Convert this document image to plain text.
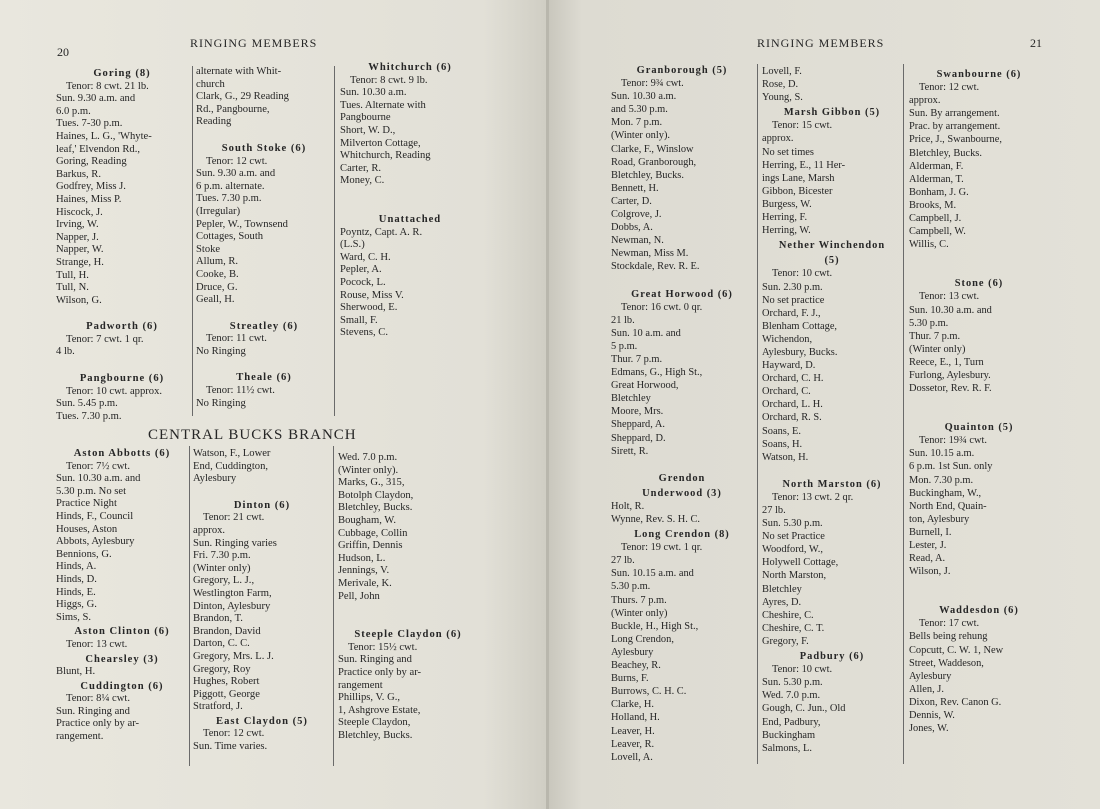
20
RINGING MEMBERS
Goring (8)
Tenor: 8 cwt. 21 lb.
Sun. 9.30 a.m. and
6.0 p.m.
Tues. 7-30 p.m.
Haines, L. G., 'Whyte-
leaf,' Elvendon Rd.,
Goring, Reading
Barkus, R.
Godfrey, Miss J.
Haines, Miss P.
Hiscock, J.
Irving, W.
Napper, J.
Napper, W.
Strange, H.
Tull, H.
Tull, N.
Wilson, G.
Padworth (6)
Tenor: 7 cwt. 1 qr.
4 lb.
Pangbourne (6)
Tenor: 10 cwt. approx.
Sun. 5.45 p.m.
Tues. 7.30 p.m.
alternate with Whit-
church
Clark, G., 29 Reading
Rd., Pangbourne,
Reading
South Stoke (6)
Tenor: 12 cwt.
Sun. 9.30 a.m. and
6 p.m. alternate.
Tues. 7.30 p.m.
(Irregular)
Pepler, W., Townsend
Cottages, South
Stoke
Allum, R.
Cooke, B.
Druce, G.
Geall, H.
Streatley (6)
Tenor: 11 cwt.
No Ringing
Theale (6)
Tenor: 11½ cwt.
No Ringing
Whitchurch (6)
Tenor: 8 cwt. 9 lb.
Sun. 10.30 a.m.
Tues. Alternate with
Pangbourne
Short, W. D.,
Milverton Cottage,
Whitchurch, Reading
Carter, R.
Money, C.
Unattached
Poyntz, Capt. A. R.
(L.S.)
Ward, C. H.
Pepler, A.
Pocock, L.
Rouse, Miss V.
Sherwood, E.
Small, F.
Stevens, C.
CENTRAL BUCKS BRANCH
Aston Abbotts (6)
Tenor: 7½ cwt.
Sun. 10.30 a.m. and
5.30 p.m. No set
Practice Night
Hinds, F., Council
Houses, Aston
Abbots, Aylesbury
Bennions, G.
Hinds, A.
Hinds, D.
Hinds, E.
Higgs, G.
Sims, S.
Aston Clinton (6)
Tenor: 13 cwt.
Chearsley (3)
Blunt, H.
Cuddington (6)
Tenor: 8¼ cwt.
Sun. Ringing and
Practice only by ar-
rangement.
Watson, F., Lower
End, Cuddington,
Aylesbury
Dinton (6)
Tenor: 21 cwt.
approx.
Sun. Ringing varies
Fri. 7.30 p.m.
(Winter only)
Gregory, L. J.,
Westlington Farm,
Dinton, Aylesbury
Brandon, T.
Brandon, David
Darton, C. C.
Gregory, Mrs. L. J.
Gregory, Roy
Hughes, Robert
Piggott, George
Stratford, J.
East Claydon (5)
Tenor: 12 cwt.
Sun. Time varies.
Wed. 7.0 p.m.
(Winter only).
Marks, G., 315,
Botolph Claydon,
Bletchley, Bucks.
Bougham, W.
Cubbage, Collin
Griffin, Dennis
Hudson, L.
Jennings, V.
Merivale, K.
Pell, John
Steeple Claydon (6)
Tenor: 15½ cwt.
Sun. Ringing and
Practice only by ar-
rangement
Phillips, V. G.,
1, Ashgrove Estate,
Steeple Claydon,
Bletchley, Bucks.
RINGING MEMBERS	21
Granborough (5)
Tenor: 9¾ cwt.
Sun. 10.30 a.m.
and 5.30 p.m.
Mon. 7 p.m.
(Winter only).
Clarke, F., Winslow
Road, Granborough,
Bletchley, Bucks.
Bennett, H.
Carter, D.
Colgrove, J.
Dobbs, A.
Newman, N.
Newman, Miss M.
Stockdale, Rev. R. E.
Great Horwood (6)
Tenor: 16 cwt. 0 qr.
21 lb.
Sun. 10 a.m. and
5 p.m.
Thur. 7 p.m.
Edmans, G., High St.,
Great Horwood,
Bletchley
Moore, Mrs.
Sheppard, A.
Sheppard, D.
Sirett, R.
Grendon
Underwood (3)
Holt, R.
Wynne, Rev. S. H. C.
Long Crendon (8)
Tenor: 19 cwt. 1 qr.
27 lb.
Sun. 10.15 a.m. and
5.30 p.m.
Thurs. 7 p.m.
(Winter only)
Buckle, H., High St.,
Long Crendon,
Aylesbury
Beachey, R.
Burns, F.
Burrows, C. H. C.
Clarke, H.
Holland, H.
Leaver, H.
Leaver, R.
Lovell, A.
Lovell, F.
Rose, D.
Young, S.
Marsh Gibbon (5)
Tenor: 15 cwt.
approx.
No set times
Herring, E., 11 Her-
ings Lane, Marsh
Gibbon, Bicester
Burgess, W.
Herring, F.
Herring, W.
Nether Winchendon
(5)
Tenor: 10 cwt.
Sun. 2.30 p.m.
No set practice
Orchard, F. J.,
Blenham Cottage,
Wichendon,
Aylesbury, Bucks.
Hayward, D.
Orchard, C. H.
Orchard, C.
Orchard, L. H.
Orchard, R. S.
Soans, E.
Soans, H.
Watson, H.
North Marston (6)
Tenor: 13 cwt. 2 qr.
27 lb.
Sun. 5.30 p.m.
No set Practice
Woodford, W.,
Holywell Cottage,
North Marston,
Bletchley
Ayres, D.
Cheshire, C.
Cheshire, C. T.
Gregory, F.
Padbury (6)
Tenor: 10 cwt.
Sun. 5.30 p.m.
Wed. 7.0 p.m.
Gough, C. Jun., Old
End, Padbury,
Buckingham
Salmons, L.
Swanbourne (6)
Tenor: 12 cwt.
approx.
Sun. By arrangement.
Prac. by arrangement.
Price, J., Swanbourne,
Bletchley, Bucks.
Alderman, F.
Alderman, T.
Bonham, J. G.
Brooks, M.
Campbell, J.
Campbell, W.
Willis, C.
Stone (6)
Tenor: 13 cwt.
Sun. 10.30 a.m. and
5.30 p.m.
Thur. 7 p.m.
(Winter only)
Reece, E., 1, Turn
Furlong, Aylesbury.
Dossetor, Rev. R. F.
Quainton (5)
Tenor: 19¾ cwt.
Sun. 10.15 a.m.
6 p.m. 1st Sun. only
Mon. 7.30 p.m.
Buckingham, W.,
North End, Quain-
ton, Aylesbury
Burnell, I.
Lester, J.
Read, A.
Wilson, J.
Waddesdon (6)
Tenor: 17 cwt.
Bells being rehung
Copcutt, C. W. 1, New
Street, Waddeson,
Aylesbury
Allen, J.
Dixon, Rev. Canon G.
Dennis, W.
Jones, W.
